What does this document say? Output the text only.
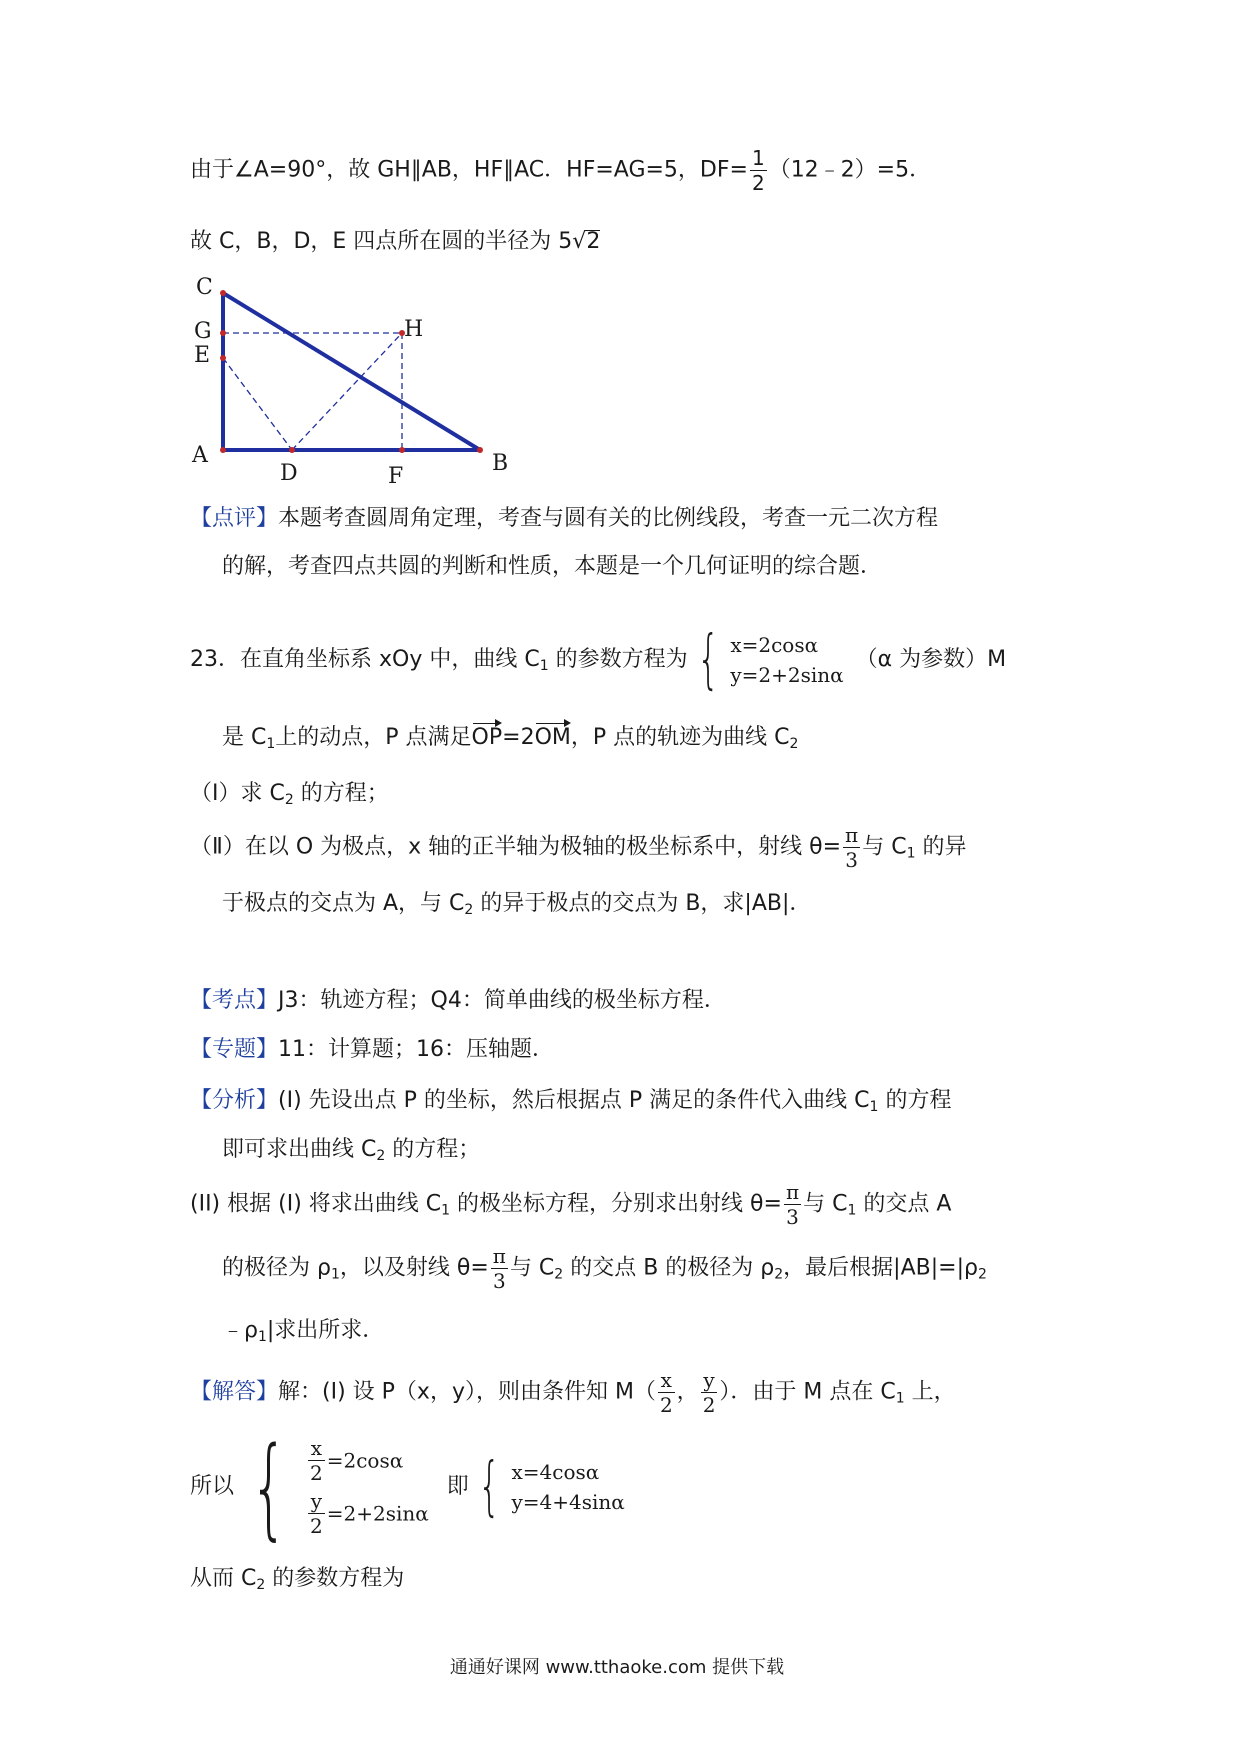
由于∠A=90°，故 GH∥AB，HF∥AC．HF=AG=5，$DF= \frac{1}{2}$ （12﹣2）=5．
故 C，B，D，E 四点所在圆的半径为 5√2
C
G
E
H
A
D	F
B
【点评】本题考查圆周角定理，考查与圆有关的比例线段，考查一元二次方程
的解，考查四点共圆的判断和性质，本题是一个几何证明的综合题．
23．在直角坐标系 xOy 中，曲线 $C_1$ 的参数方程为 { x=2cosα
y=2+2sinα
（α 为参数）M
是 $C_1$上的动点，P 点满足OP=2OM，P 点的轨迹为曲线 $C_2$
（Ⅰ）求 $C_2$ 的方程；
（Ⅱ）在以 O 为极点，x 轴的正半轴为极轴的极坐标系中，射线 $\theta= \frac{\pi}{3}$ 与 $C_1$ 的异
于极点的交点为 A，与 $C_2$ 的异于极点的交点为 B，求|AB|．
【考点】J3：轨迹方程；Q4：简单曲线的极坐标方程．
【专题】11：计算题；16：压轴题．
【分析】(I) 先设出点 P 的坐标，然后根据点 P 满足的条件代入曲线 $C_1$ 的方程
即可求出曲线 $C_2$ 的方程；
(II) 根据 (I) 将求出曲线 $C_1$ 的极坐标方程，分别求出射线 $\theta= \frac{\pi}{3}$ 与 $C_1$ 的交点 A
的极径为 $\rho_1$，以及射线 $\theta= \frac{\pi}{3}$ 与 $C_2$ 的交点 B 的极径为 $\rho_2$，最后根据$|AB|=|\rho_2$
$﹣\rho_1|$求出所求．
【解答】解：(I) 设 P（x，y），则由条件知 $M( \frac{x}{2}$ ， $\frac{y}{2}$ ）．由于 M 点在 $C_1$ 上，
所以 { $\frac{x}{2} =2\cos\alpha$
$\frac{y}{2} =2+2\sin\alpha$
即 { x=4cosα
y=4+4sinα
从而 $C_2$ 的参数方程为
通通好课网 www.tthaoke.com 提供下载
